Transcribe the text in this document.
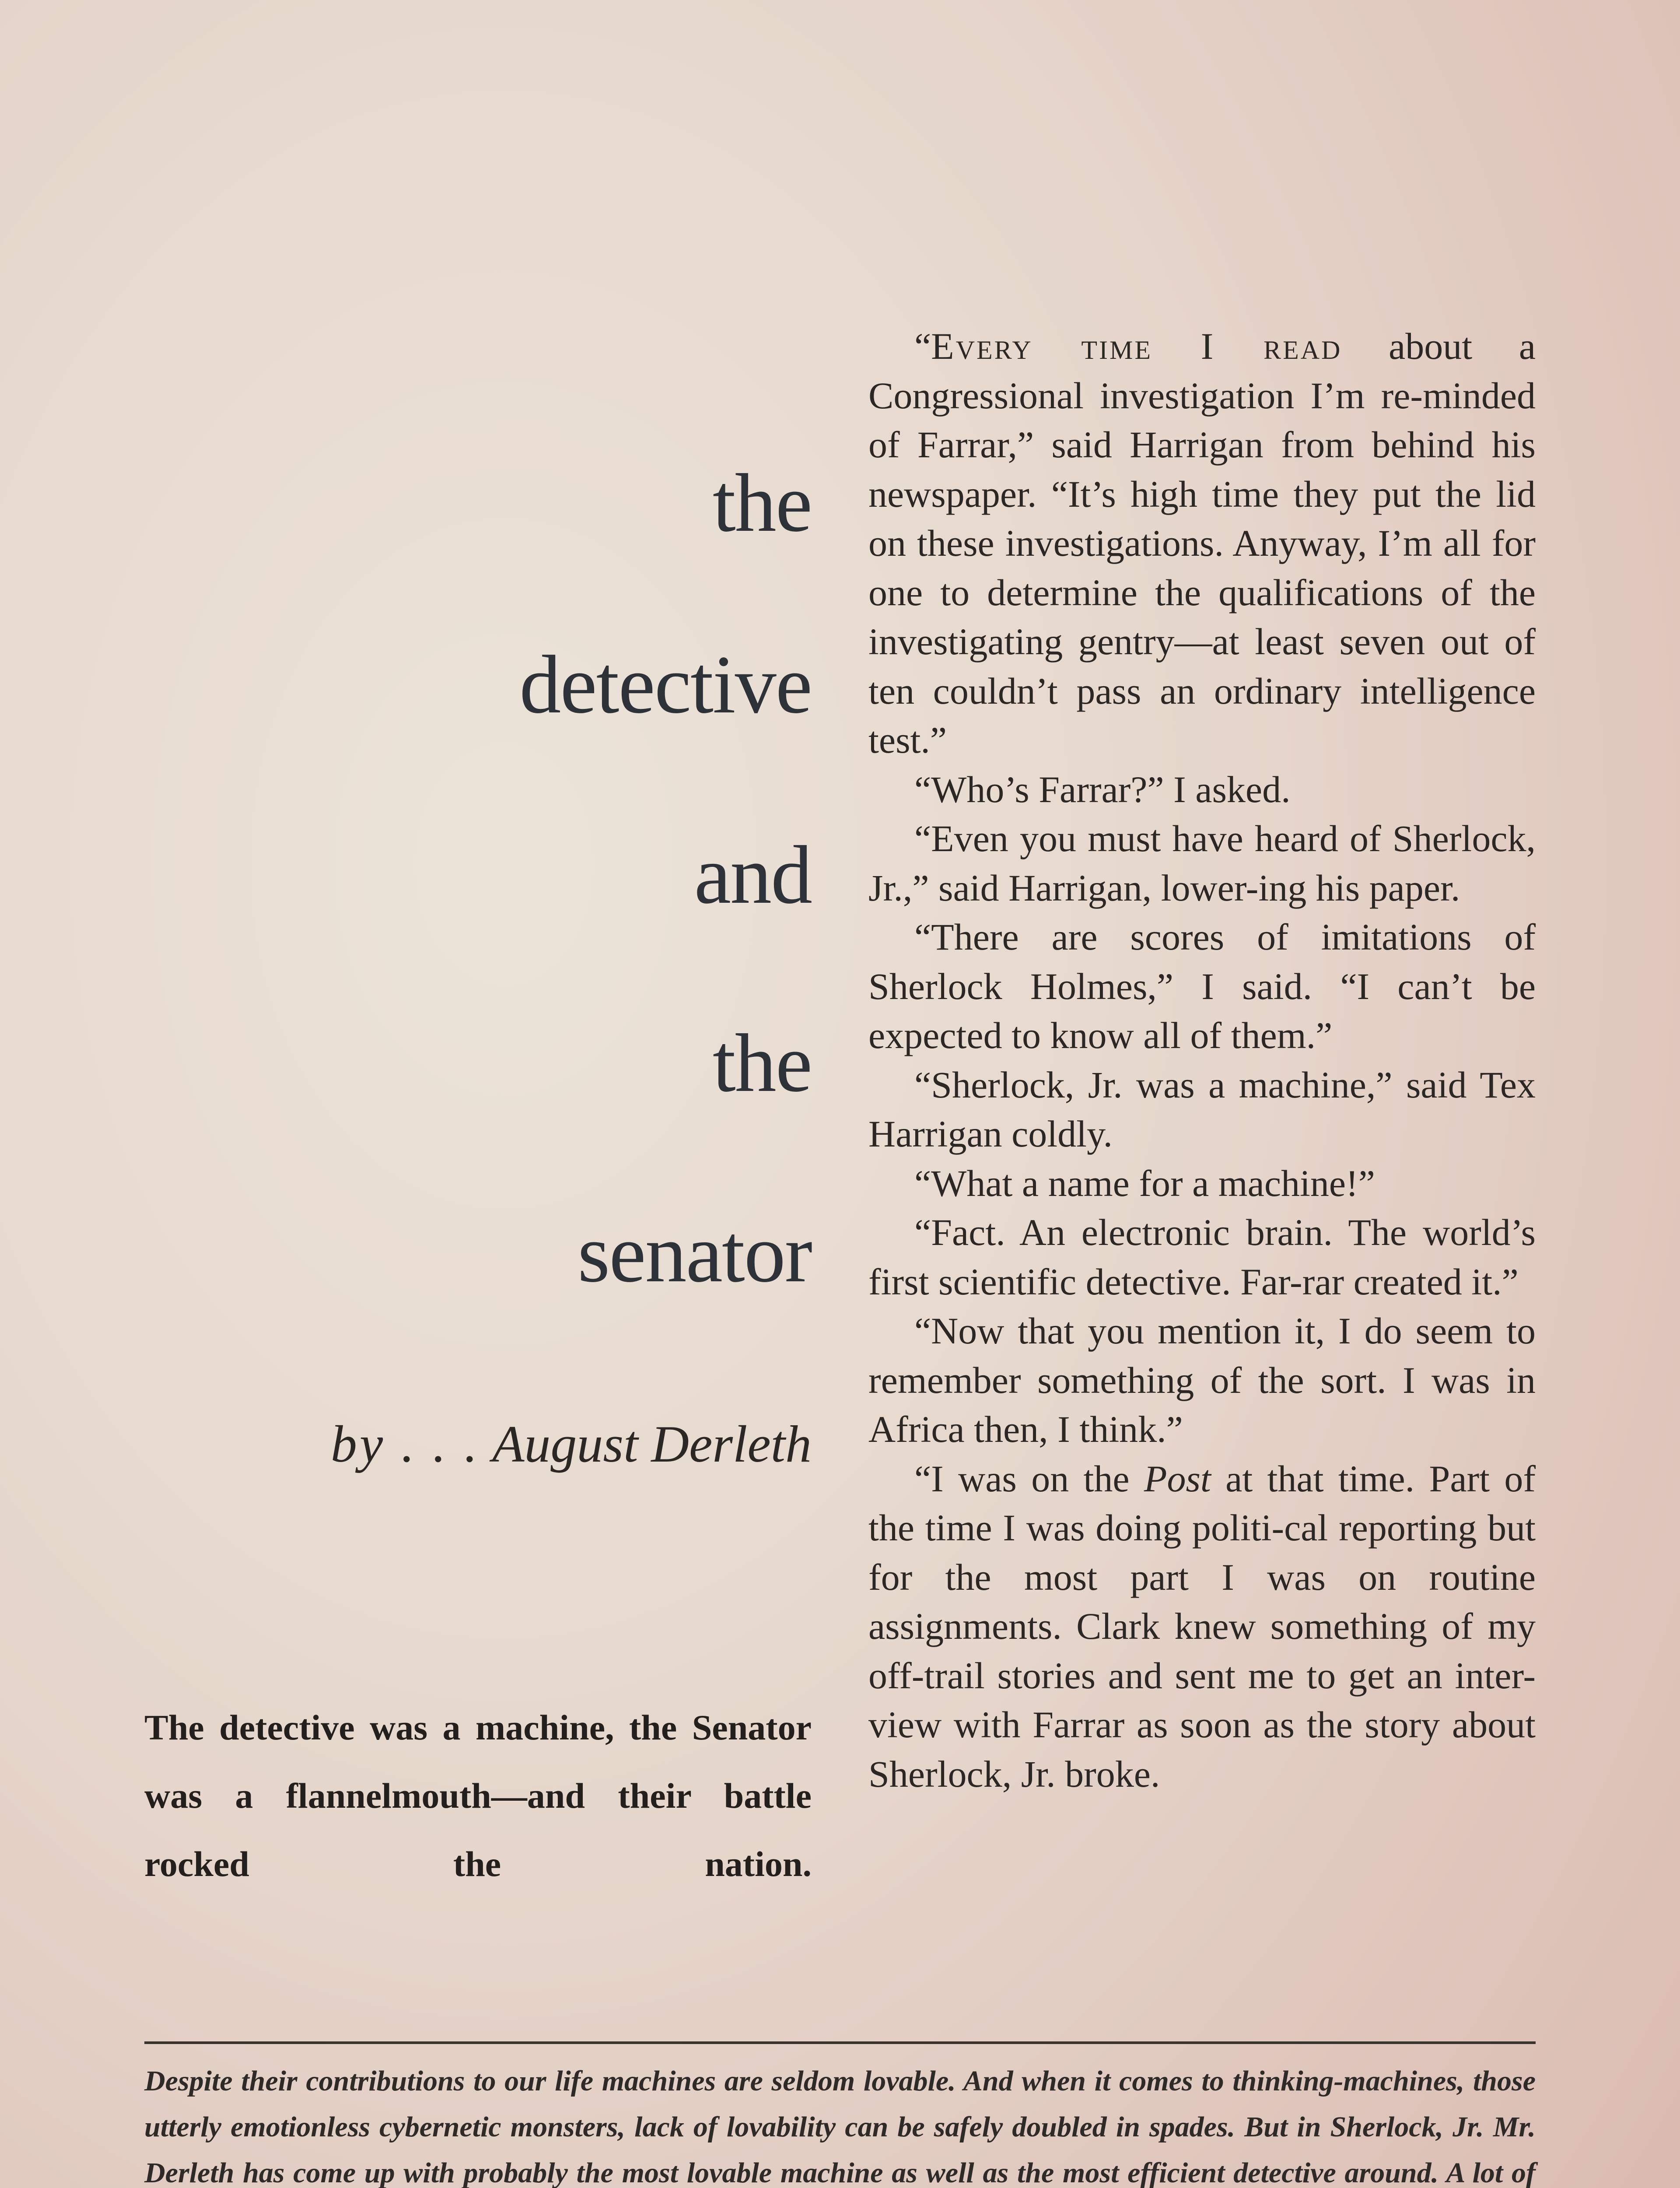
the
detective
and
the
senator

by . . . August Derleth

The detective was a machine, the Senator was a flannelmouth—and their battle rocked the nation.

“Every time I read about a Congressional investigation I’m re-minded of Farrar,” said Harrigan from behind his newspaper. “It’s high time they put the lid on these investigations. Anyway, I’m all for one to determine the qualifications of the investigating gentry—at least seven out of ten couldn’t pass an ordinary intelligence test.”

“Who’s Farrar?” I asked.

“Even you must have heard of Sherlock, Jr.,” said Harrigan, lower-ing his paper.

“There are scores of imitations of Sherlock Holmes,” I said. “I can’t be expected to know all of them.”

“Sherlock, Jr. was a machine,” said Tex Harrigan coldly.

“What a name for a machine!”

“Fact. An electronic brain. The world’s first scientific detective. Far-rar created it.”

“Now that you mention it, I do seem to remember something of the sort. I was in Africa then, I think.”

“I was on the Post at that time. Part of the time I was doing politi-cal reporting but for the most part I was on routine assignments. Clark knew something of my off-trail stories and sent me to get an inter-view with Farrar as soon as the story about Sherlock, Jr. broke.

Despite their contributions to our life machines are seldom lovable. And when it comes to thinking-machines, those utterly emotionless cybernetic monsters, lack of lovability can be safely doubled in spades. But in Sherlock, Jr. Mr. Derleth has come up with probably the most lovable machine as well as the most efficient detective around. A lot of
